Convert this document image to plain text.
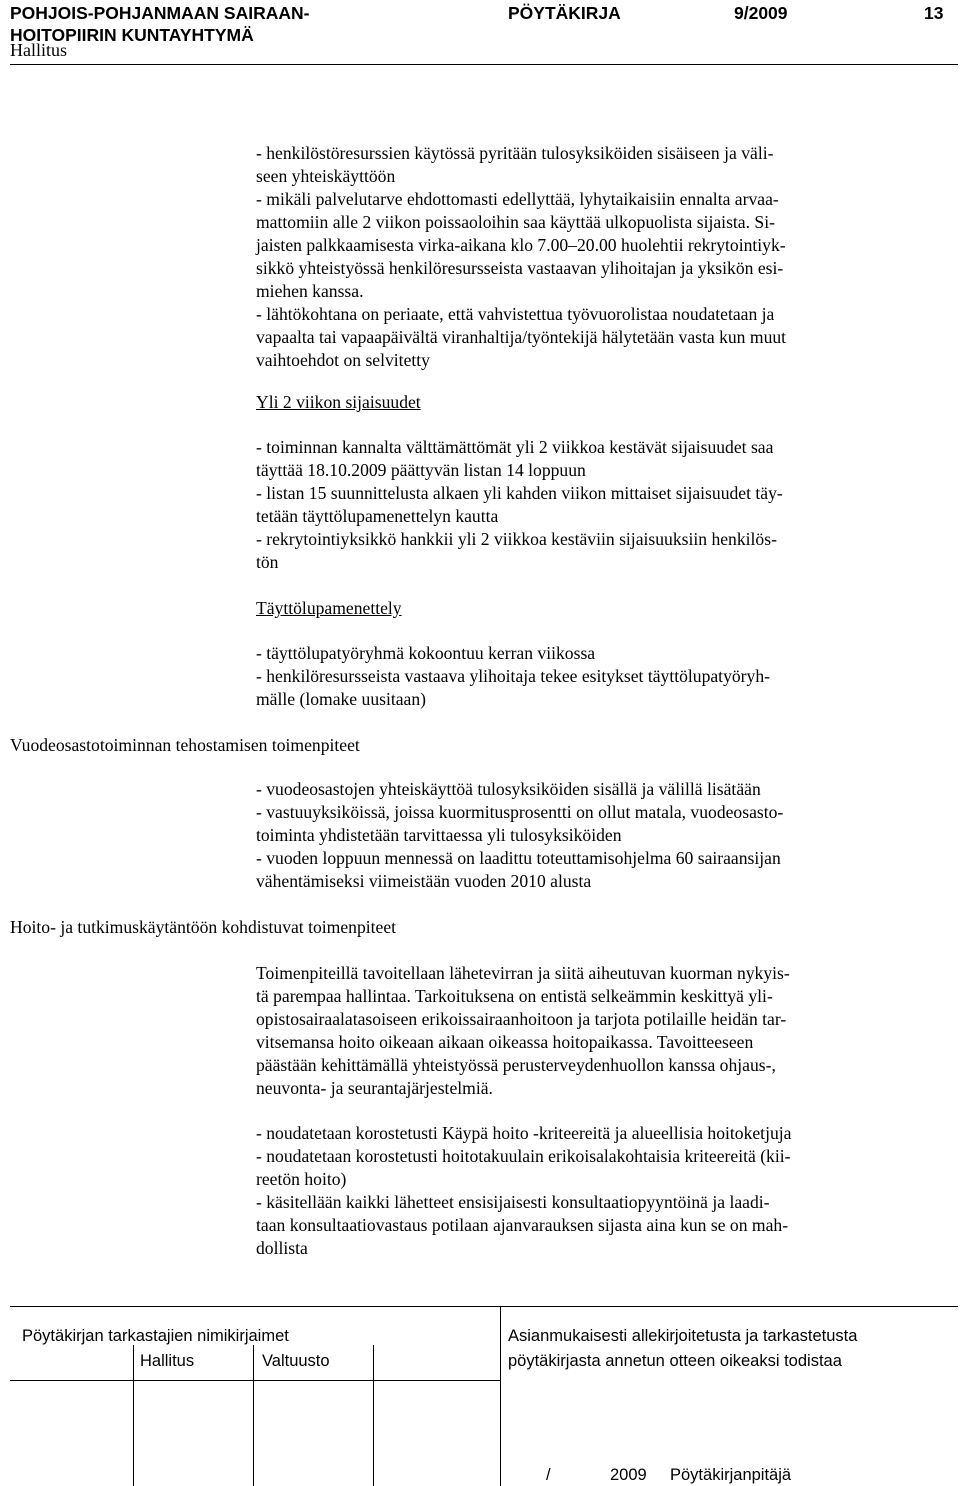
POHJOIS-POHJANMAAN SAIRAAN-
HOITOPIIRIN KUNTAYHTYMÄ
PÖYTÄKIRJA	9/2009	13
Hallitus
- henkilöstöresurssien käytössä pyritään tulosyksiköiden sisäiseen ja väli-
seen yhteiskäyttöön
- mikäli palvelutarve ehdottomasti edellyttää, lyhytaikaisiin ennalta arvaa-
mattomiin alle 2 viikon poissaoloihin saa käyttää ulkopuolista sijaista. Si-
jaisten palkkaamisesta virka-aikana klo 7.00–20.00 huolehtii rekrytointiyk-
sikkö yhteistyössä henkilöresursseista vastaavan ylihoitajan ja yksikön esi-
miehen kanssa.
- lähtökohtana on periaate, että vahvistettua työvuorolistaa noudatetaan ja
vapaalta tai vapaapäivältä viranhaltija/työntekijä hälytetään vasta kun muut
vaihtoehdot on selvitetty
Yli 2 viikon sijaisuudet
- toiminnan kannalta välttämättömät yli 2 viikkoa kestävät sijaisuudet saa
täyttää 18.10.2009 päättyvän listan 14 loppuun
- listan 15 suunnittelusta alkaen yli kahden viikon mittaiset sijaisuudet täy-
tetään täyttölupamenettelyn kautta
- rekrytointiyksikkö hankkii yli 2 viikkoa kestäviin sijaisuuksiin henkilös-
tön
Täyttölupamenettely
- täyttölupatyöryhmä kokoontuu kerran viikossa
- henkilöresursseista vastaava ylihoitaja tekee esitykset täyttölupatyöryh-
mälle (lomake uusitaan)
Vuodeosastotoiminnan tehostamisen toimenpiteet
- vuodeosastojen yhteiskäyttöä tulosyksiköiden sisällä ja välillä lisätään
- vastuuyksiköissä, joissa kuormitusprosentti on ollut matala, vuodeosasto-
toiminta yhdistetään tarvittaessa yli tulosyksiköiden
- vuoden loppuun mennessä on laadittu toteuttamisohjelma 60 sairaansijan
vähentämiseksi viimeistään vuoden 2010 alusta
Hoito- ja tutkimuskäytäntöön kohdistuvat toimenpiteet
Toimenpiteillä tavoitellaan lähetevirran ja siitä aiheutuvan kuorman nykyis-
tä parempaa hallintaa. Tarkoituksena on entistä selkeämmin keskittyä yli-
opistosairaalatasoiseen erikoissairaanhoitoon ja tarjota potilaille heidän tar-
vitsemansa hoito oikeaan aikaan oikeassa hoitopaikassa. Tavoitteeseen
päästään kehittämällä yhteistyössä perusterveydenhuollon kanssa ohjaus-,
neuvonta- ja seurantajärjestelmiä.
- noudatetaan korostetusti Käypä hoito -kriteereitä ja alueellisia hoitoketjuja
- noudatetaan korostetusti hoitotakuulain erikoisalakohtaisia kriteereitä (kii-
reetön hoito)
- käsitellään kaikki lähetteet ensisijaisesti konsultaatiopyyntöinä ja laadi-
taan konsultaatiovastaus potilaan ajanvarauksen sijasta aina kun se on mah-
dollista
Pöytäkirjan tarkastajien nimikirjaimet
Hallitus	Valtuusto
Asianmukaisesti allekirjoitetusta ja tarkastetusta
pöytäkirjasta annetun otteen oikeaksi todistaa
/	2009 Pöytäkirjanpitäjä
